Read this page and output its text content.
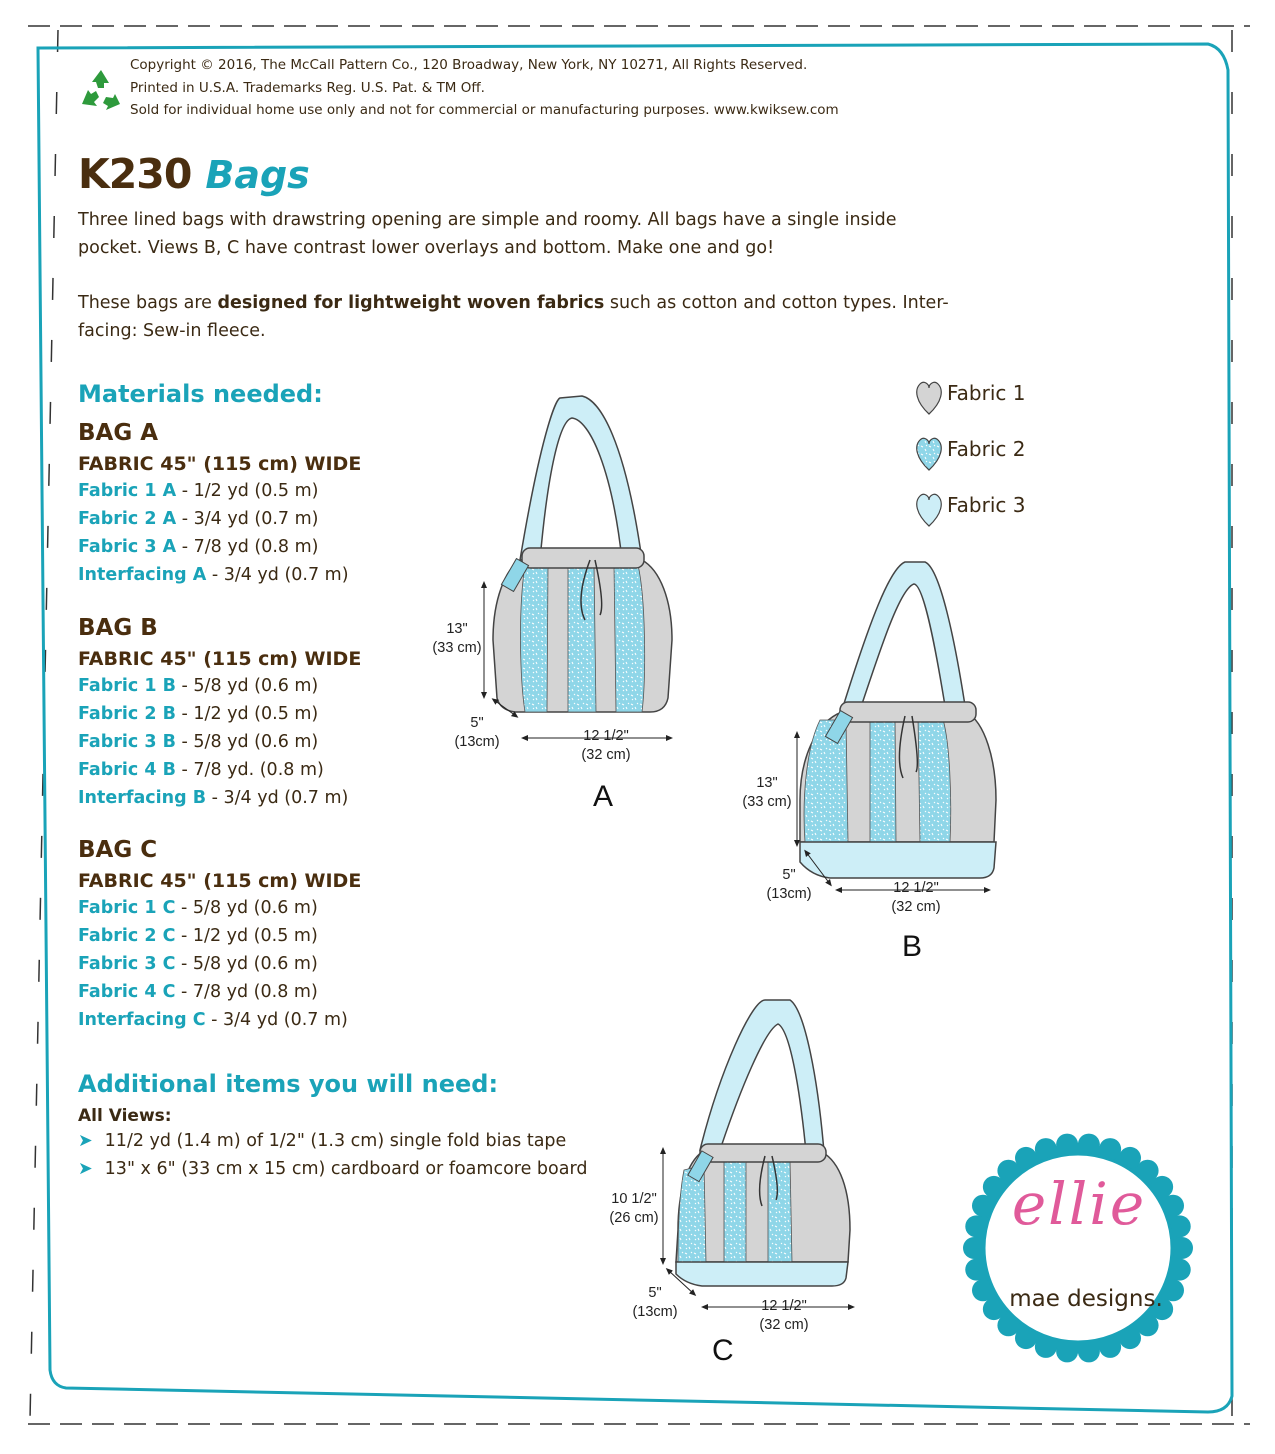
Copyright © 2016, The McCall Pattern Co., 120 Broadway, New York, NY 10271, All Rights Reserved.
Printed in U.S.A. Trademarks Reg. U.S. Pat. & TM Off.
Sold for individual home use only and not for commercial or manufacturing purposes. www.kwiksew.com
K230 Bags
Three lined bags with drawstring opening are simple and roomy. All bags have a single inside pocket. Views B, C have contrast lower overlays and bottom. Make one and go!
These bags are designed for lightweight woven fabrics such as cotton and cotton types. Inter-facing: Sew-in fleece.
Materials needed:
BAG A
FABRIC 45" (115 cm) WIDE
Fabric 1 A - 1/2 yd (0.5 m)
Fabric 2 A - 3/4 yd (0.7 m)
Fabric 3 A - 7/8 yd (0.8 m)
Interfacing A - 3/4 yd (0.7 m)
BAG B
FABRIC 45" (115 cm) WIDE
Fabric 1 B - 5/8 yd (0.6 m)
Fabric 2 B - 1/2 yd (0.5 m)
Fabric 3 B - 5/8 yd (0.6 m)
Fabric 4 B - 7/8 yd. (0.8 m)
Interfacing B - 3/4 yd (0.7 m)
BAG C
FABRIC 45" (115 cm) WIDE
Fabric 1 C - 5/8 yd (0.6 m)
Fabric 2 C - 1/2 yd (0.5 m)
Fabric 3 C - 5/8 yd (0.6 m)
Fabric 4 C - 7/8 yd (0.8 m)
Interfacing C - 3/4 yd (0.7 m)
Additional items you will need:
All Views:
➤ 11/2 yd (1.4 m) of 1/2" (1.3 cm) single fold bias tape
➤ 13" x 6" (33 cm x 15 cm) cardboard or foamcore board
Fabric 1
Fabric 2
Fabric 3
13"
(33 cm)
5"
(13cm)	12 1/2"
(32 cm)
A	13"
(33 cm)
5"
(13cm)	12 1/2"
(32 cm)
B
10 1/2"
(26 cm)
5"
(13cm)	12 1/2"
(32 cm)
C
ellie
mae designs.
